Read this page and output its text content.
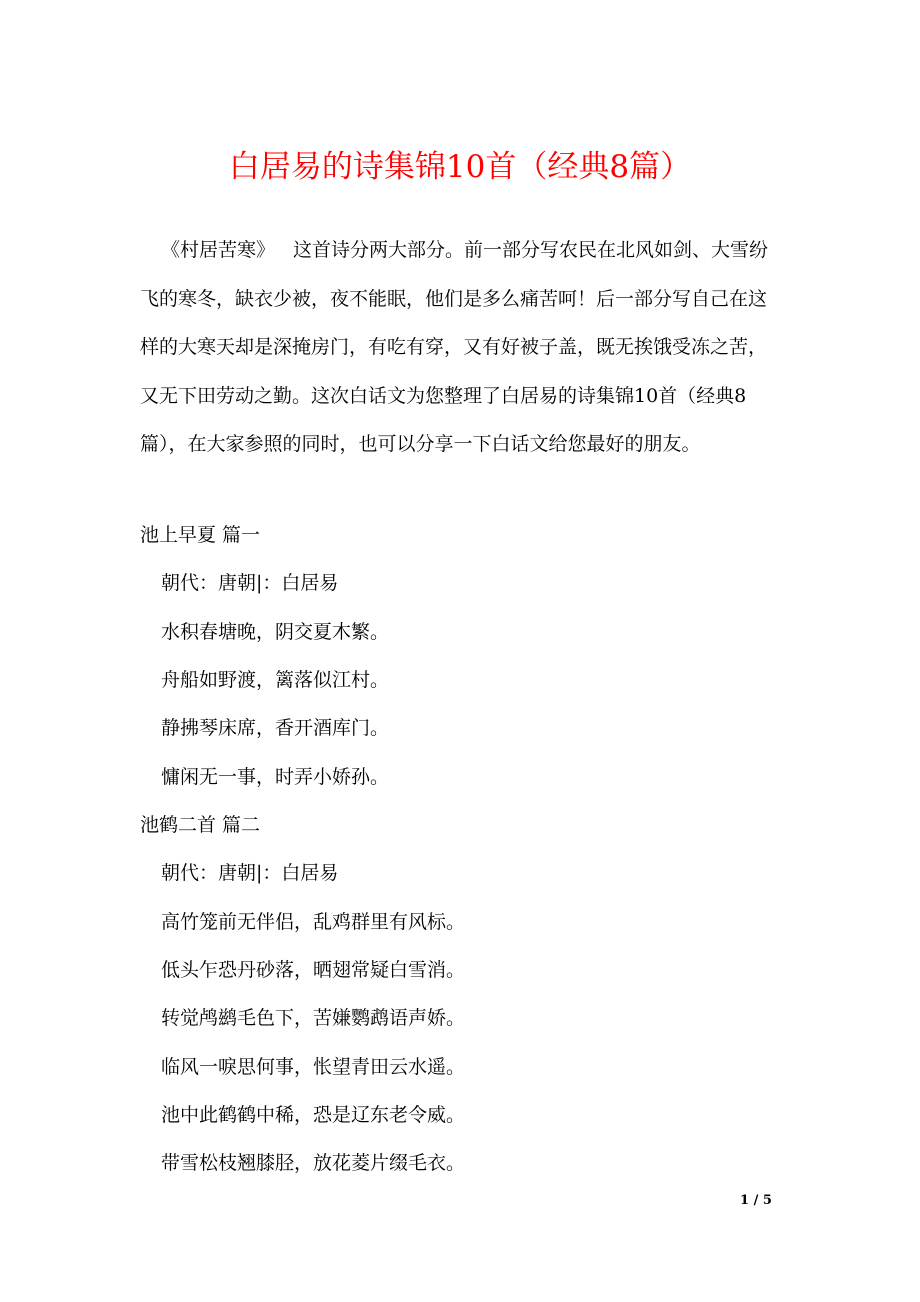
白居易的诗集锦10首（经典8篇）
《村居苦寒》 这首诗分两大部分。前一部分写农民在北风如剑、大雪纷飞的寒冬，缺衣少被，夜不能眠，他们是多么痛苦呵！后一部分写自己在这样的大寒天却是深掩房门，有吃有穿，又有好被子盖，既无挨饿受冻之苦，又无下田劳动之勤。这次白话文为您整理了白居易的诗集锦10首（经典8篇），在大家参照的同时，也可以分享一下白话文给您最好的朋友。
池上早夏 篇一
朝代：唐朝|：白居易
水积春塘晚，阴交夏木繁。
舟船如野渡，篱落似江村。
静拂琴床席，香开酒库门。
慵闲无一事，时弄小娇孙。
池鹤二首 篇二
朝代：唐朝|：白居易
高竹笼前无伴侣，乱鸡群里有风标。
低头乍恐丹砂落，晒翅常疑白雪消。
转觉鸬鹚毛色下，苦嫌鹦鹉语声娇。
临风一唳思何事，怅望青田云水遥。
池中此鹤鹤中稀，恐是辽东老令威。
带雪松枝翘膝胫，放花菱片缀毛衣。
1 / 5
